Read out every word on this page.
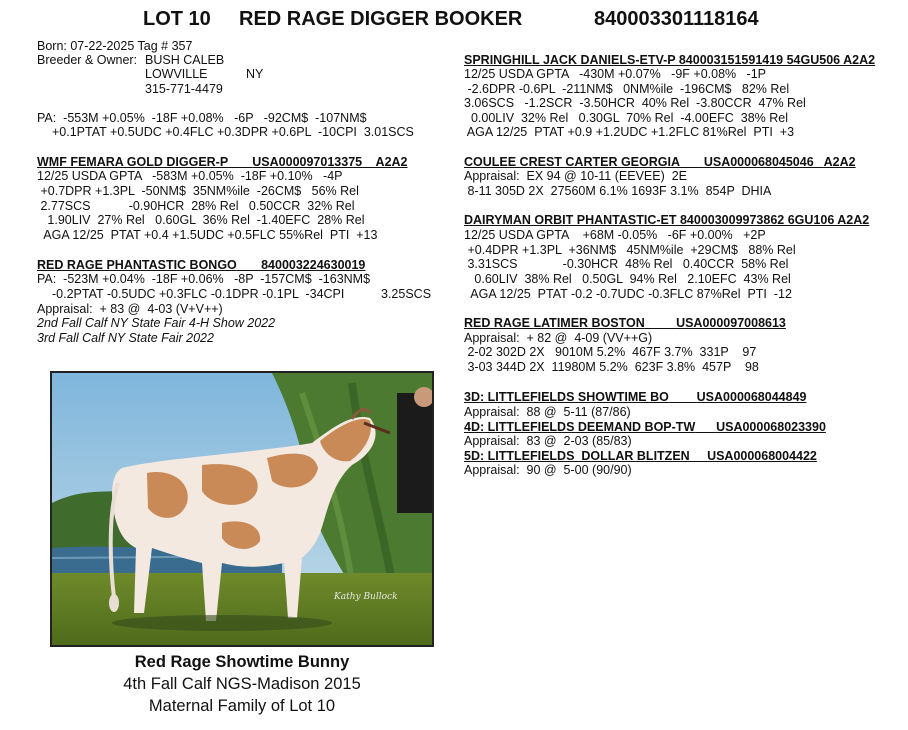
LOT 10 RED RAGE DIGGER BOOKER	840003301118164
Born: 07-22-2025 Tag # 357
Breeder & Owner: BUSH CALEB
LOWVILLE	NY
315-771-4479
PA:  -553M +0.05%  -18F +0.08%   -6P   -92CM$  -107NM$
+0.1PTAT +0.5UDC +0.4FLC +0.3DPR +0.6PL  -10CPI  3.01SCS
WMF FEMARA GOLD DIGGER-P USA000097013375 A2A2
12/25 USDA GPTA   -583M +0.05%  -18F +0.10%   -4P
+0.7DPR +1.3PL  -50NM$  35NM%ile  -26CM$   56% Rel
2.77SCS           -0.90HCR  28% Rel   0.50CCR  32% Rel
1.90LIV  27% Rel   0.60GL  36% Rel  -1.40EFC  28% Rel
AGA 12/25  PTAT +0.4 +1.5UDC +0.5FLC 55%Rel  PTI  +13
RED RAGE PHANTASTIC BONGO 840003224630019
PA:  -523M +0.04%  -18F +0.06%   -8P  -157CM$  -163NM$
-0.2PTAT -0.5UDC +0.3FLC -0.1DPR -0.1PL  -34CPI	3.25SCS
Appraisal:  + 83 @  4-03 (V+V++)
2nd Fall Calf NY State Fair 4-H Show 2022
3rd Fall Calf NY State Fair 2022
Kathy Bullock
Red Rage Showtime Bunny
4th Fall Calf NGS-Madison 2015
Maternal Family of Lot 10
SPRINGHILL JACK DANIELS-ETV-P 840003151591419 54GU506 A2A2
12/25 USDA GPTA   -430M +0.07%   -9F +0.08%   -1P
-2.6DPR -0.6PL  -211NM$   0NM%ile  -196CM$   82% Rel
3.06SCS   -1.2SCR  -3.50HCR  40% Rel  -3.80CCR  47% Rel
0.00LIV  32% Rel   0.30GL  70% Rel  -4.00EFC  38% Rel
AGA 12/25  PTAT +0.9 +1.2UDC +1.2FLC 81%Rel  PTI  +3
COULEE CREST CARTER GEORGIA USA000068045046 A2A2
Appraisal:  EX 94 @ 10-11 (EEVEE)  2E
8-11 305D 2X  27560M 6.1% 1693F 3.1%  854P  DHIA
DAIRYMAN ORBIT PHANTASTIC-ET 840003009973862 6GU106 A2A2
12/25 USDA GPTA    +68M -0.05%   -6F +0.00%   +2P
+0.4DPR +1.3PL  +36NM$   45NM%ile  +29CM$   88% Rel
3.31SCS             -0.30HCR  48% Rel   0.40CCR  58% Rel
0.60LIV  38% Rel   0.50GL  94% Rel   2.10EFC  43% Rel
AGA 12/25  PTAT -0.2 -0.7UDC -0.3FLC 87%Rel  PTI  -12
RED RAGE LATIMER BOSTON	USA000097008613
Appraisal:  + 82 @  4-09 (VV++G)
2-02 302D 2X   9010M 5.2%  467F 3.7%  331P    97
3-03 344D 2X  11980M 5.2%  623F 3.8%  457P    98
3D: LITTLEFIELDS SHOWTIME BO USA000068044849
Appraisal:  88 @  5-11 (87/86)
4D: LITTLEFIELDS DEEMAND BOP-TW USA000068023390
Appraisal:  83 @  2-03 (85/83)
5D: LITTLEFIELDS  DOLLAR BLITZEN USA000068004422
Appraisal:  90 @  5-00 (90/90)
